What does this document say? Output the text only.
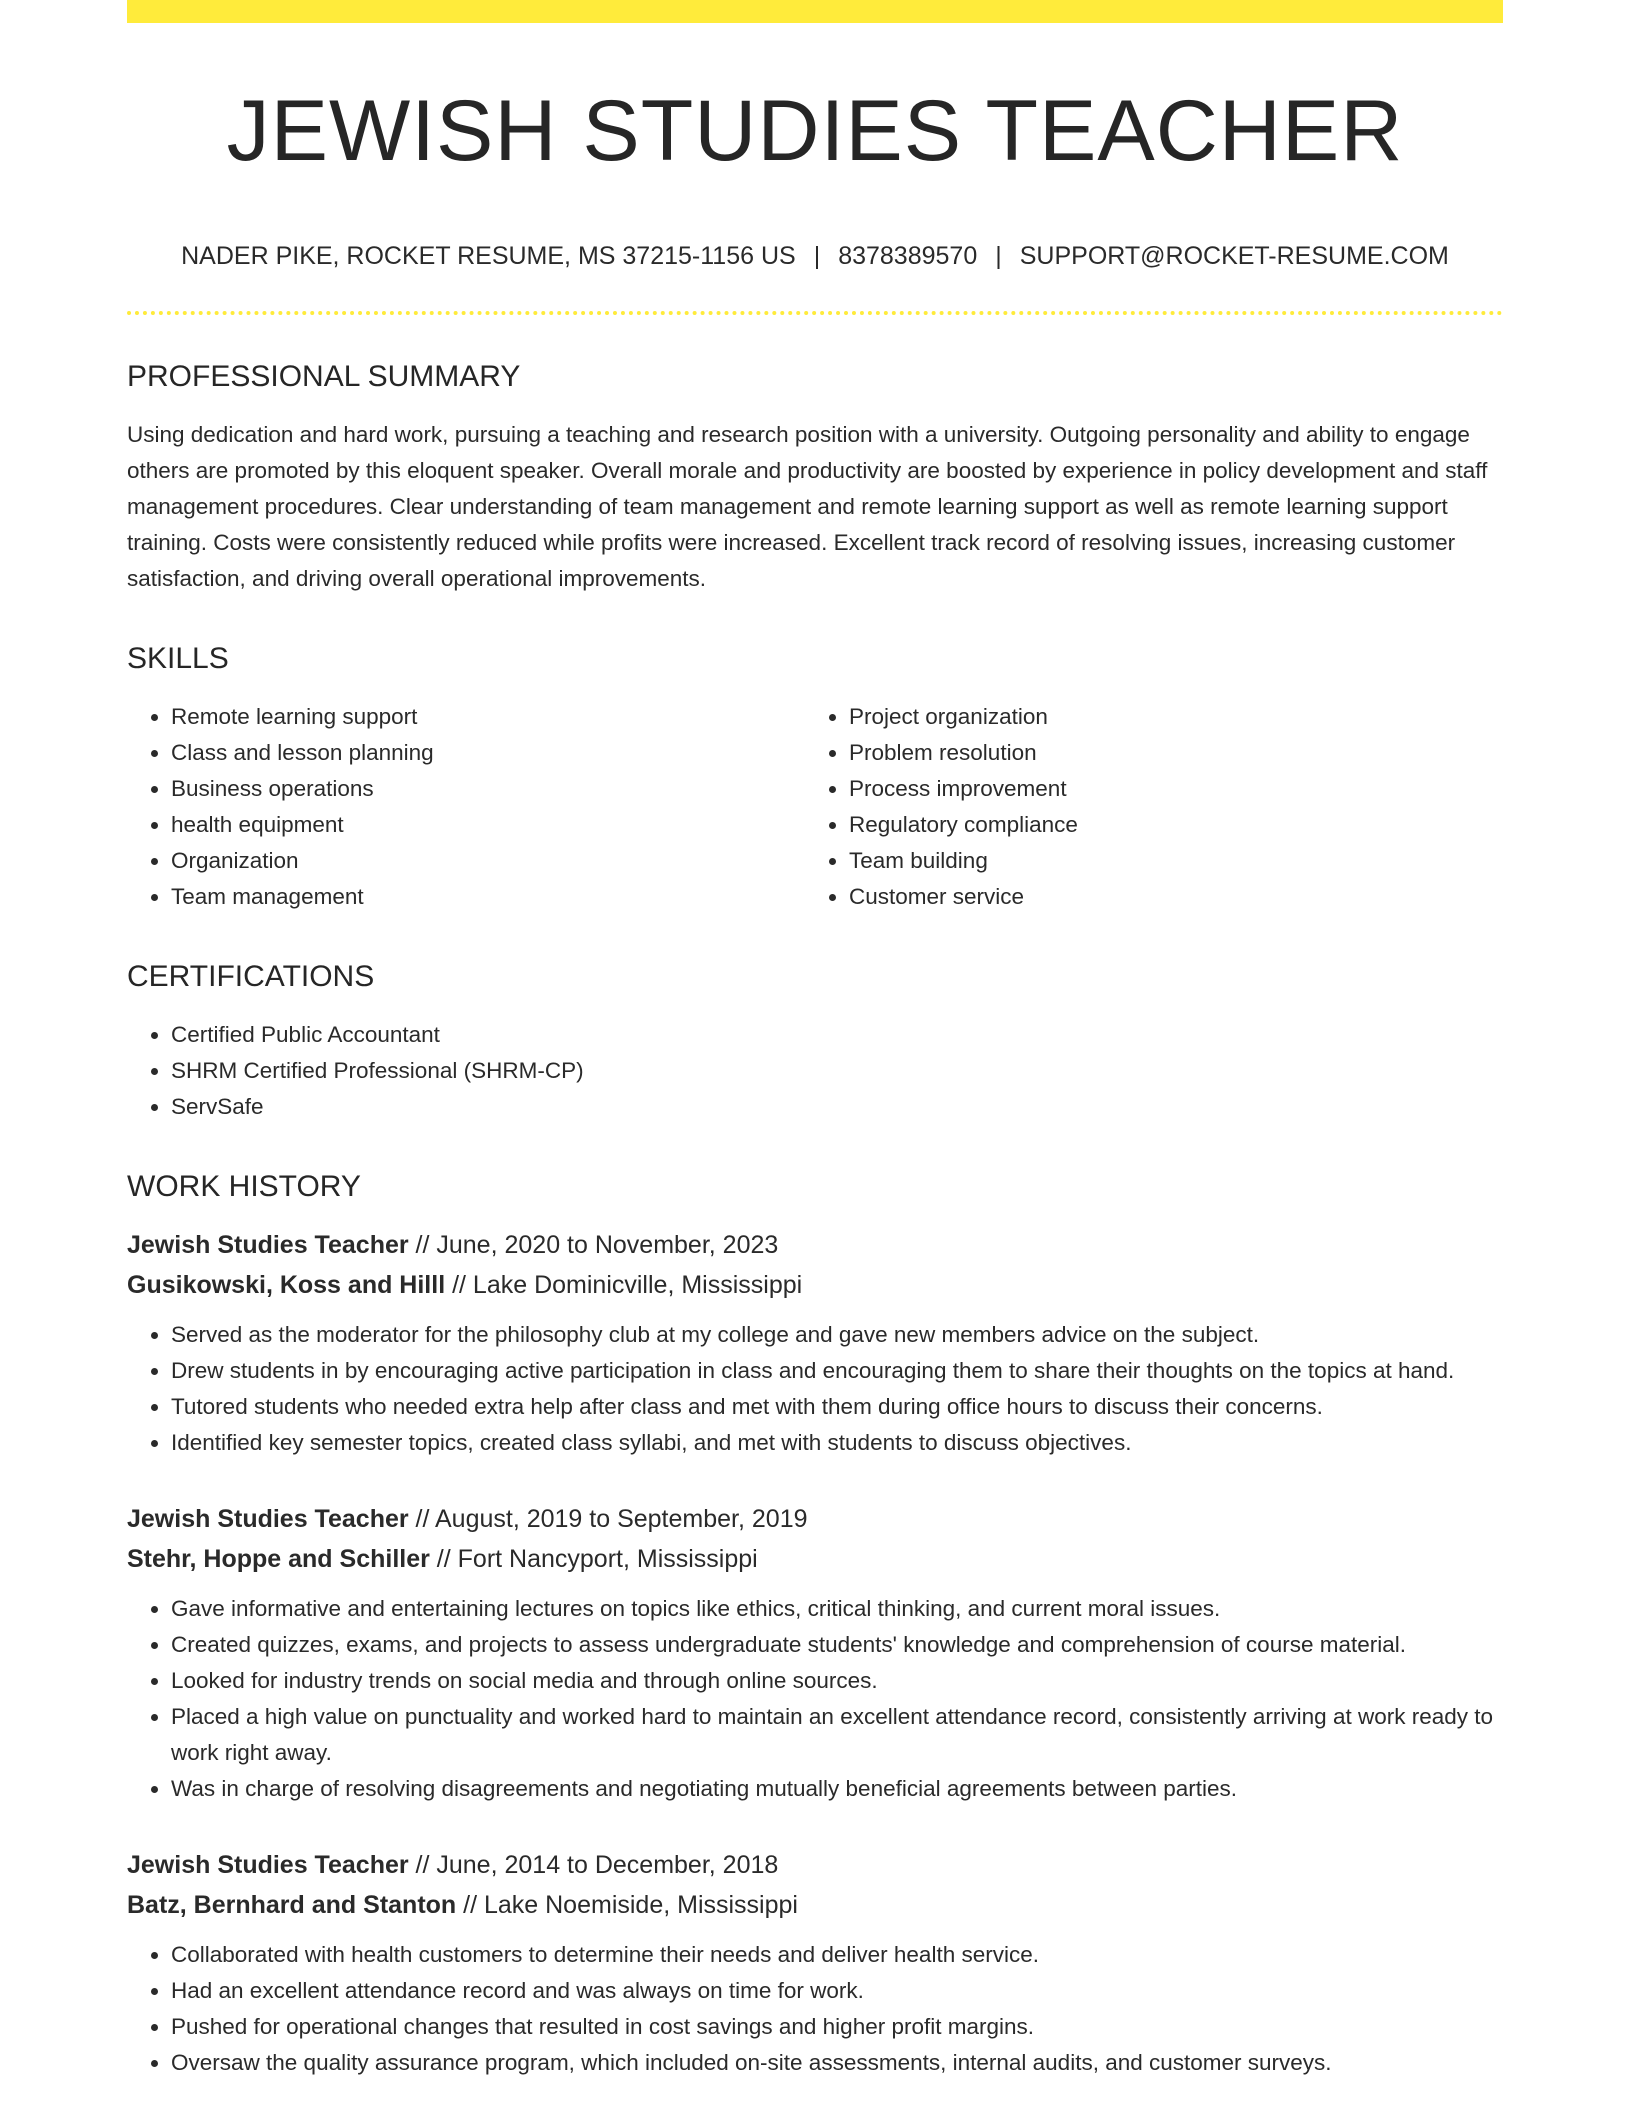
JEWISH STUDIES TEACHER
NADER PIKE, ROCKET RESUME, MS 37215-1156 US | 8378389570 | SUPPORT@ROCKET-RESUME.COM
PROFESSIONAL SUMMARY
Using dedication and hard work, pursuing a teaching and research position with a university. Outgoing personality and ability to engage others are promoted by this eloquent speaker. Overall morale and productivity are boosted by experience in policy development and staff management procedures. Clear understanding of team management and remote learning support as well as remote learning support training. Costs were consistently reduced while profits were increased. Excellent track record of resolving issues, increasing customer satisfaction, and driving overall operational improvements.
SKILLS
• Remote learning support
• Class and lesson planning
• Business operations
• health equipment
• Organization
• Team management
• Project organization
• Problem resolution
• Process improvement
• Regulatory compliance
• Team building
• Customer service
CERTIFICATIONS
• Certified Public Accountant
• SHRM Certified Professional (SHRM-CP)
• ServSafe
WORK HISTORY
Jewish Studies Teacher // June, 2020 to November, 2023
Gusikowski, Koss and Hilll // Lake Dominicville, Mississippi
• Served as the moderator for the philosophy club at my college and gave new members advice on the subject.
• Drew students in by encouraging active participation in class and encouraging them to share their thoughts on the topics at hand.
• Tutored students who needed extra help after class and met with them during office hours to discuss their concerns.
• Identified key semester topics, created class syllabi, and met with students to discuss objectives.
Jewish Studies Teacher // August, 2019 to September, 2019
Stehr, Hoppe and Schiller // Fort Nancyport, Mississippi
• Gave informative and entertaining lectures on topics like ethics, critical thinking, and current moral issues.
• Created quizzes, exams, and projects to assess undergraduate students' knowledge and comprehension of course material.
• Looked for industry trends on social media and through online sources.
• Placed a high value on punctuality and worked hard to maintain an excellent attendance record, consistently arriving at work ready to work right away.
• Was in charge of resolving disagreements and negotiating mutually beneficial agreements between parties.
Jewish Studies Teacher // June, 2014 to December, 2018
Batz, Bernhard and Stanton // Lake Noemiside, Mississippi
• Collaborated with health customers to determine their needs and deliver health service.
• Had an excellent attendance record and was always on time for work.
• Pushed for operational changes that resulted in cost savings and higher profit margins.
• Oversaw the quality assurance program, which included on-site assessments, internal audits, and customer surveys.
